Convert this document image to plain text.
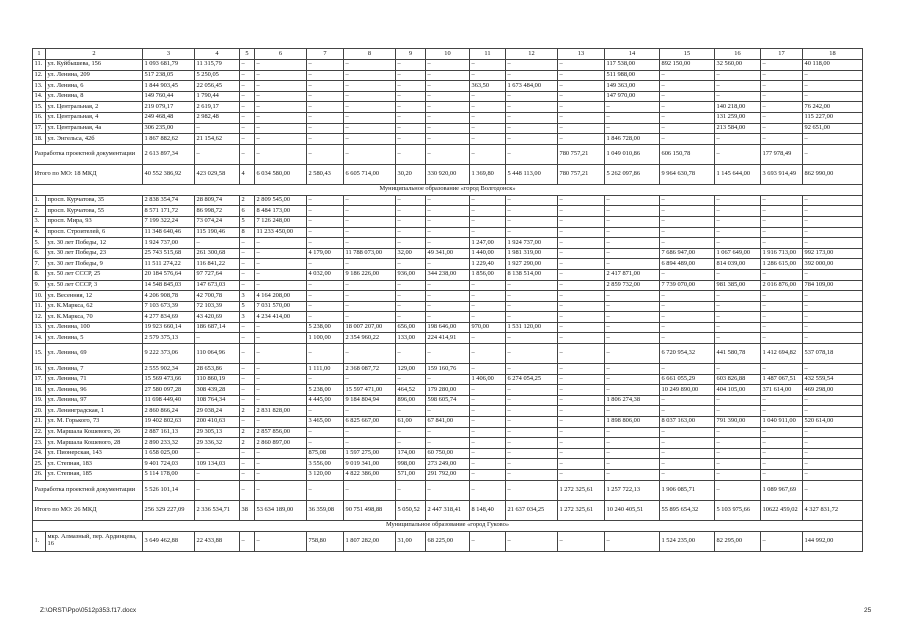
1	2	3	4	5	6	7	8	9	10	11	12	13	14	15	16	17	18
11.	ул. Куйбышева, 156	1 093 681,79	11 315,79	–	–	–	–	–	–	–	–	–	117 538,00	892 150,00	32 560,00	–	40 118,00
12.	ул. Ленина, 209	517 238,05	5 250,05	–	–	–	–	–	–	–	–	–	511 988,00	–	–	–	–
13.	ул. Ленина, 6	1 844 903,45	22 056,45	–	–	–	–	–	–	363,50	1 673 484,00	–	149 363,00	–	–	–	–
14.	ул. Ленина, 8	149 760,44	1 790,44	–	–	–	–	–	–	–	–	–	147 970,00	–	–	–	–
15.	ул. Центральная, 2	219 079,17	2 619,17	–	–	–	–	–	–	–	–	–	–	–	140 218,00	–	76 242,00
16.	ул. Центральная, 4	249 468,48	2 982,48	–	–	–	–	–	–	–	–	–	–	–	131 259,00	–	115 227,00
17.	ул. Центральная, 4а	306 235,00	–	–	–	–	–	–	–	–	–	–	–	–	213 584,00	–	92 651,00
18.	ул. Энгельса, 42б	1 867 882,62	21 154,62	–	–	–	–	–	–	–	–	–	1 846 728,00	–	–	–	–
Разработка проектной документации		2 613 897,34	–	–	–	–	–	–	–	–	–	780 757,21	1 049 010,86	606 150,78	–	177 978,49	–
Итого по МО: 18 МКД		40 552 386,92	423 029,58	4	6 034 580,00	2 580,43	6 605 714,00	30,20	330 920,00	1 369,80	5 448 113,00	780 757,21	5 262 097,86	9 964 630,78	1 145 644,00	3 693 914,49	862 990,00
Муниципальное образование «город Волгодонск»																	
1.	просп. Курчатова, 35	2 838 354,74	28 809,74	2	2 809 545,00	–	–	–	–	–	–	–	–	–	–	–	–
2.	просп. Курчатова, 55	8 571 171,72	86 998,72	6	8 484 173,00	–	–	–	–	–	–	–	–	–	–	–	–
3.	просп. Мира, 93	7 199 322,24	73 074,24	5	7 126 248,00	–	–	–	–	–	–	–	–	–	–	–	–
4.	просп. Строителей, 6	11 348 640,46	115 190,46	8	11 233 450,00	–	–	–	–	–	–	–	–	–	–	–	–
5.	ул. 30 лет Победы, 12	1 924 737,00	–	–	–	–	–	–	–	1 247,00	1 924 737,00	–	–	–	–	–	–
6.	ул. 30 лет Победы, 23	25 743 515,68	261 300,68	–	–	4 179,00	11 788 073,00	32,00	49 341,00	1 440,00	1 981 319,00	–	–	7 686 947,00	1 067 649,00	1 916 713,00	992 173,00
7.	ул. 30 лет Победы, 9	11 511 274,22	116 841,22	–	–	–	–	–	–	1 229,40	1 927 290,00	–	–	6 894 489,00	814 039,00	1 286 615,00	392 000,00
8.	ул. 50 лет СССР, 25	20 184 576,64	97 727,64	–	–	4 032,00	9 186 226,00	936,00	344 238,00	1 856,00	8 138 514,00	–	2 417 871,00	–	–	–	–
9.	ул. 50 лет СССР, 3	14 548 845,03	147 673,03	–	–	–	–	–	–	–	–	–	2 859 732,00	7 739 070,00	981 385,00	2 016 876,00	784 109,00
10.	ул. Весенняя, 12	4 206 908,78	42 700,78	3	4 164 208,00	–	–	–	–	–	–	–	–	–	–	–	–
11.	ул. К.Маркса, 62	7 103 673,39	72 103,39	5	7 031 570,00	–	–	–	–	–	–	–	–	–	–	–	–
12.	ул. К.Маркса, 70	4 277 834,69	43 420,69	3	4 234 414,00	–	–	–	–	–	–	–	–	–	–	–	–
13.	ул. Ленина, 100	19 923 660,14	186 687,14	–	–	5 238,00	18 007 207,00	656,00	198 646,00	970,00	1 531 120,00	–	–	–	–	–	–
14.	ул. Ленина, 5	2 579 375,13	–	–	–	1 100,00	2 354 960,22	133,00	224 414,91	–	–	–	–	–	–	–	–
15.	ул. Ленина, 69	9 222 373,06	110 064,96	–	–	–	–	–	–	–	–	–	–	6 720 954,32	441 580,78	1 412 694,82	537 078,18
16.	ул. Ленина, 7	2 555 902,34	28 653,86	–	–	1 111,00	2 368 087,72	129,00	159 160,76	–	–	–	–	–	–	–	–
17.	ул. Ленина, 71	15 569 473,66	110 860,19	–	–	–	–	–	–	1 406,00	6 274 054,25	–	–	6 661 055,29	603 826,88	1 487 067,51	432 559,54
18.	ул. Ленина, 96	27 580 097,28	308 439,28	–	–	5 238,00	15 597 471,00	464,52	179 280,00	–	–	–	–	10 249 890,00	404 105,00	371 614,00	469 298,00
19.	ул. Ленина, 97	11 698 449,40	108 764,34	–	–	4 445,00	9 184 804,94	896,00	598 605,74	–	–	–	1 806 274,38	–	–	–	–
20.	ул. Ленинградская, 1	2 860 866,24	29 038,24	2	2 831 828,00	–	–	–	–	–	–	–	–	–	–	–	–
21.	ул. М. Горького, 73	19 402 802,63	200 410,63	–	–	3 465,00	6 825 667,00	61,00	67 841,00	–	–	–	1 898 806,00	8 037 163,00	791 390,00	1 040 911,00	520 614,00
22.	ул. Маршала Кошевого, 26	2 887 161,13	29 305,13	2	2 857 856,00	–	–	–	–	–	–	–	–	–	–	–	–
23.	ул. Маршала Кошевого, 28	2 890 233,32	29 336,32	2	2 860 897,00	–	–	–	–	–	–	–	–	–	–	–	–
24.	ул. Пионерская, 143	1 658 025,00	–	–	–	875,08	1 597 275,00	174,00	60 750,00	–	–	–	–	–	–	–	–
25.	ул. Степная, 183	9 401 724,03	109 134,03	–	–	3 556,00	9 019 341,00	998,00	273 249,00	–	–	–	–	–	–	–	–
26.	ул. Степная, 185	5 114 178,00	–	–	–	3 120,00	4 822 386,00	571,00	291 792,00	–	–	–	–	–	–	–	–
Разработка проектной документации		5 526 101,14	–	–	–	–	–	–	–	–	–	1 272 325,61	1 257 722,13	1 906 085,71	–	1 089 967,69	–
Итого по МО: 26 МКД		256 329 227,09	2 336 534,71	38	53 634 189,00	36 359,08	90 751 498,88	5 050,52	2 447 318,41	8 148,40	21 637 034,25	1 272 325,61	10 240 405,51	55 895 654,32	5 103 975,66	10622 459,02	4 327 831,72
Муниципальное образование «город Гуково»																	
1.	мкр. Алмазный, пер. Ардинцева, 16	3 649 462,88	22 433,88	–	–	758,80	1 807 282,00	31,00	68 225,00	–	–	–	–	1 524 235,00	82 295,00	–	144 992,00
Z:\ORST\Ppo\0512p353.f17.docx	25
